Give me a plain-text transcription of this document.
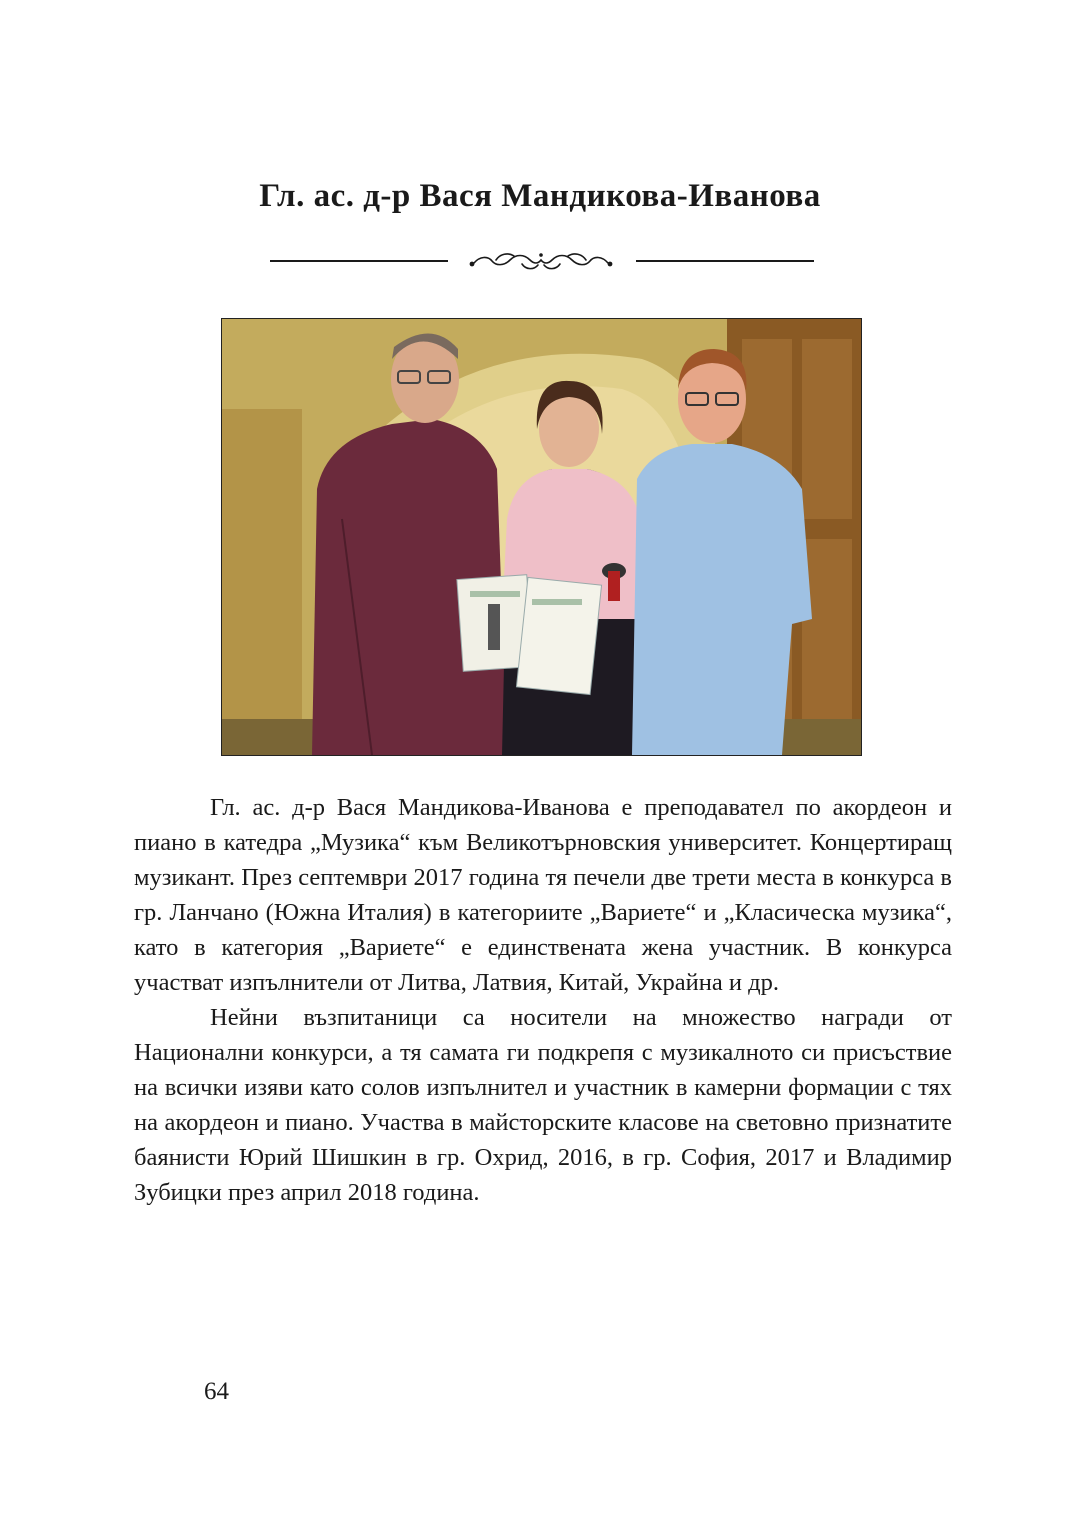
Гл. ас. д-р Вася Мандикова-Иванова

Гл. ас. д-р Вася Мандикова-Иванова е преподавател по акордеон и пиано в катедра „Музика“ към Великотърновския университет. Концертиращ музикант. През септември 2017 година тя печели две трети места в конкурса в гр. Ланчано (Южна Италия) в категориите „Вариете“ и „Класическа музика“, като в категория „Вариете“ е единствената жена участник. В конкурса участват изпълнители от Литва, Латвия, Китай, Украйна и др.

Нейни възпитаници са носители на множество награди от Национални конкурси, а тя самата ги подкрепя с музикалното си присъствие на всички изяви като солов изпълнител и участник в камерни формации с тях на акордеон и пиано. Участва в майсторските класове на световно признатите баянисти Юрий Шишкин в гр. Охрид, 2016, в гр. София, 2017 и Владимир Зубицки през април 2018 година.

64
